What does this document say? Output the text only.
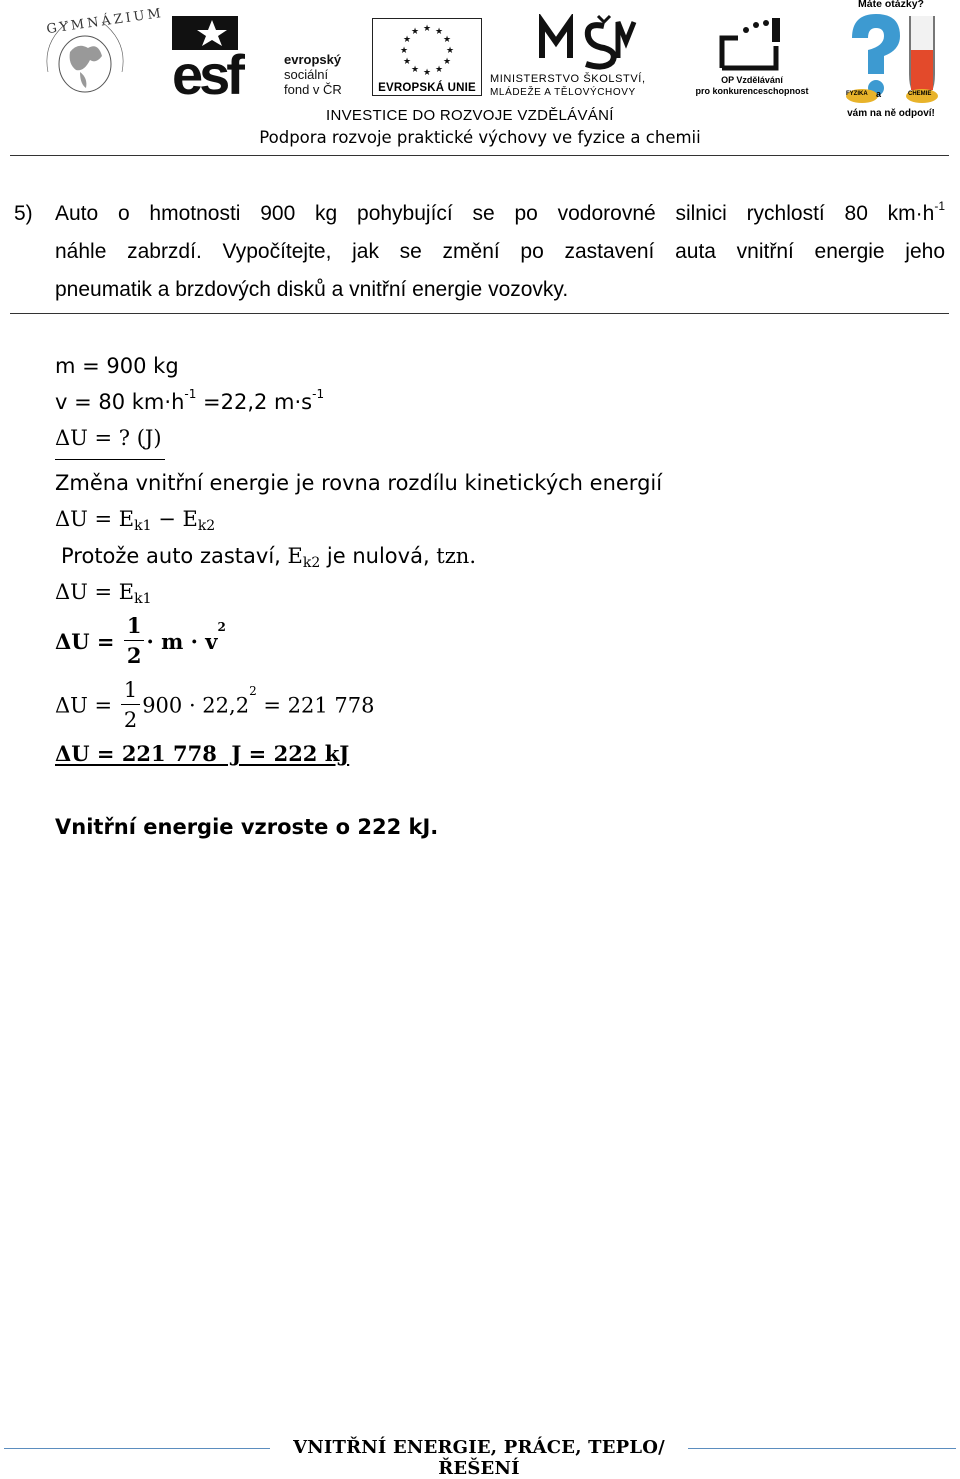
GYMNÁZIUM
esf	evropský
sociální
fond v ČR
★ ★
★
★
★
★
★
★
★
★
★
★
EVROPSKÁ UNIE
MINISTERSTVO ŠKOLSTVÍ,
MLÁDEŽE A TĚLOVÝCHOVY
OP Vzdělávání
pro konkurenceschopnost
Máte otázky?
FYZIKA a	CHEMIE
vám na ně odpoví!
INVESTICE DO ROZVOJE VZDĚLÁVÁNÍ
Podpora rozvoje praktické výchovy ve fyzice a chemii
5) Auto o hmotnosti 900 kg pohybující se po vodorovné silnici rychlostí 80 $km\cdot h^{-1}$
náhle zabrzdí. Vypočítejte, jak se změní po zastavení auta vnitřní energie jeho
pneumatik a brzdových disků a vnitřní energie vozovky.
m = 900 kg
v = 80 $km\cdot h^{-1} =22,2$ $m\cdot s^{-1}$
ΔU = ? (J)
Změna vnitřní energie je rovna rozdílu kinetických energií
$\Delta U = E_{k1} - E_{k2}$
Protože auto zastaví, $E_{k2}$ je nulová, tzn.
$\Delta U = E_{k1}$
$\Delta U = \frac{1}{2} \cdot m \cdot v^2$
$\Delta U = \frac{1}{2} 900 \cdot 22,2^2 = 221$ 778
ΔU = 221 778  J = 222 kJ
Vnitřní energie vzroste o 222 kJ.
VNITŘNÍ ENERGIE, PRÁCE, TEPLO/ŘEŠENÍ
